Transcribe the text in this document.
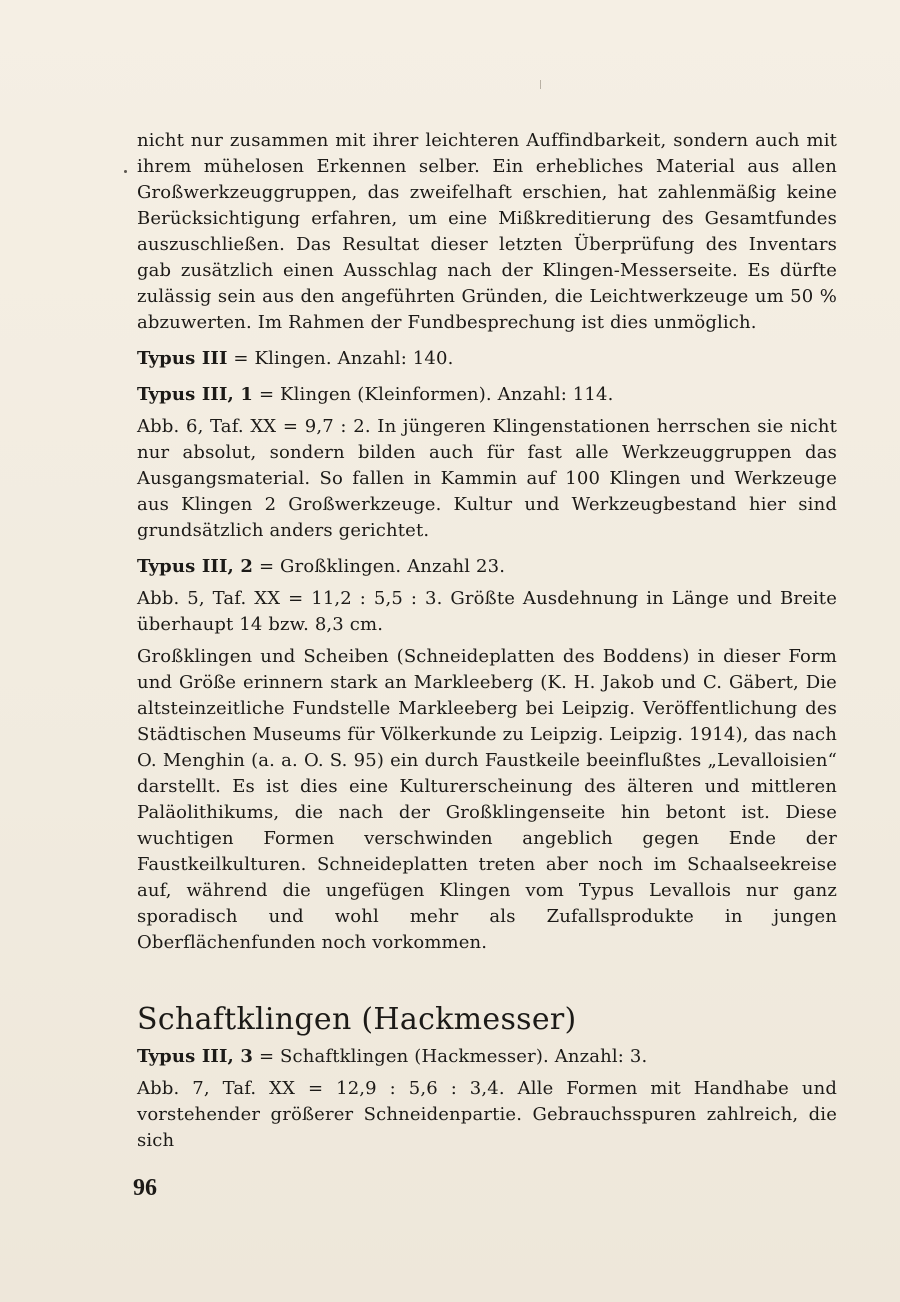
nicht nur zusammen mit ihrer leichteren Auffindbarkeit, sondern auch mit ihrem mühelosen Erkennen selber. Ein erhebliches Material aus allen Großwerkzeuggruppen, das zweifelhaft erschien, hat zahlenmäßig keine Berücksichtigung erfahren, um eine Mißkreditierung des Gesamtfundes auszuschließen. Das Resultat dieser letzten Überprüfung des Inventars gab zusätzlich einen Ausschlag nach der Klingen-Messerseite. Es dürfte zulässig sein aus den angeführten Gründen, die Leichtwerkzeuge um 50 % abzuwerten. Im Rahmen der Fundbesprechung ist dies unmöglich.

Typus III = Klingen. Anzahl: 140.

Typus III, 1 = Klingen (Kleinformen). Anzahl: 114.

Abb. 6, Taf. XX = 9,7 : 2. In jüngeren Klingenstationen herrschen sie nicht nur absolut, sondern bilden auch für fast alle Werkzeuggruppen das Ausgangsmaterial. So fallen in Kammin auf 100 Klingen und Werkzeuge aus Klingen 2 Großwerkzeuge. Kultur und Werkzeugbestand hier sind grundsätzlich anders gerichtet.

Typus III, 2 = Großklingen. Anzahl 23.

Abb. 5, Taf. XX = 11,2 : 5,5 : 3. Größte Ausdehnung in Länge und Breite überhaupt 14 bzw. 8,3 cm.

Großklingen und Scheiben (Schneideplatten des Boddens) in dieser Form und Größe erinnern stark an Markleeberg (K. H. Jakob und C. Gäbert, Die altsteinzeitliche Fundstelle Markleeberg bei Leipzig. Veröffentlichung des Städtischen Museums für Völkerkunde zu Leipzig. Leipzig. 1914), das nach O. Menghin (a. a. O. S. 95) ein durch Faustkeile beeinflußtes „Levalloisien“ darstellt. Es ist dies eine Kulturerscheinung des älteren und mittleren Paläolithikums, die nach der Großklingenseite hin betont ist. Diese wuchtigen Formen verschwinden angeblich gegen Ende der Faustkeilkulturen. Schneideplatten treten aber noch im Schaalseekreise auf, während die ungefügen Klingen vom Typus Levallois nur ganz sporadisch und wohl mehr als Zufallsprodukte in jungen Oberflächenfunden noch vorkommen.

Schaftklingen (Hackmesser)

Typus III, 3 = Schaftklingen (Hackmesser). Anzahl: 3.

Abb. 7, Taf. XX = 12,9 : 5,6 : 3,4. Alle Formen mit Handhabe und vorstehender größerer Schneidenpartie. Gebrauchsspuren zahlreich, die sich

96
